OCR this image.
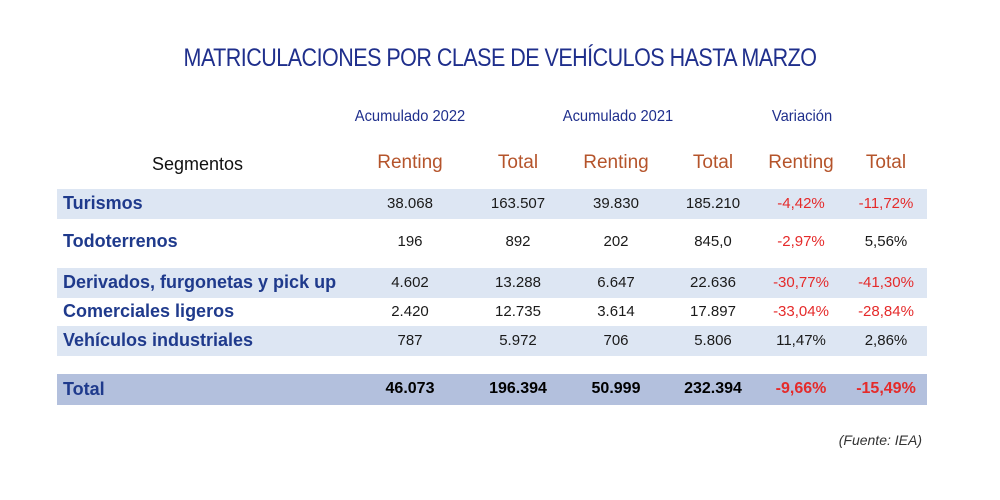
MATRICULACIONES POR CLASE DE VEHÍCULOS HASTA MARZO
Acumulado 2022	Acumulado 2021	Variación
Segmentos	Renting	Total	Renting	Total	Renting	Total
Turismos	38.068	163.507	39.830	185.210	-4,42%	-11,72%
Todoterrenos	196	892	202	845,0	-2,97%	5,56%
Derivados, furgonetas y pick up	4.602	13.288	6.647	22.636	-30,77%	-41,30%
Comerciales ligeros	2.420	12.735	3.614	17.897	-33,04%	-28,84%
Vehículos industriales	787	5.972	706	5.806	11,47%	2,86%
Total	46.073	196.394	50.999	232.394	-9,66%	-15,49%
(Fuente: IEA)
